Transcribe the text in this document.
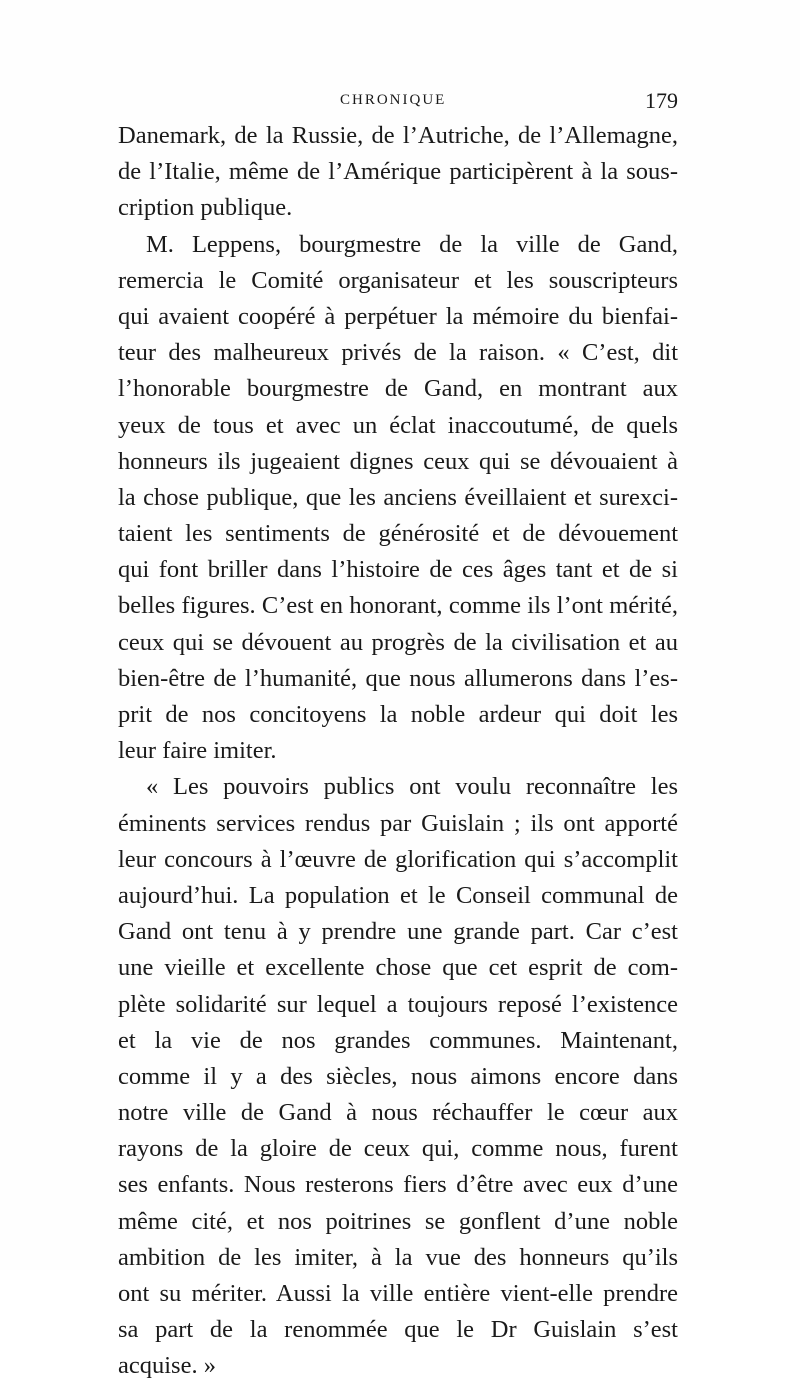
CHRONIQUE	179
Danemark, de la Russie, de l’Autriche, de l’Allemagne,
de l’Italie, même de l’Amérique participèrent à la sous-
cription publique.
M. Leppens, bourgmestre de la ville de Gand,
remercia le Comité organisateur et les souscripteurs
qui avaient coopéré à perpétuer la mémoire du bienfai-
teur des malheureux privés de la raison. « C’est, dit
l’honorable bourgmestre de Gand, en montrant aux
yeux de tous et avec un éclat inaccoutumé, de quels
honneurs ils jugeaient dignes ceux qui se dévouaient à
la chose publique, que les anciens éveillaient et surexci-
taient les sentiments de générosité et de dévouement
qui font briller dans l’histoire de ces âges tant et de si
belles figures. C’est en honorant, comme ils l’ont mérité,
ceux qui se dévouent au progrès de la civilisation et au
bien-être de l’humanité, que nous allumerons dans l’es-
prit de nos concitoyens la noble ardeur qui doit les
leur faire imiter.
« Les pouvoirs publics ont voulu reconnaître les
éminents services rendus par Guislain ; ils ont apporté
leur concours à l’œuvre de glorification qui s’accomplit
aujourd’hui. La population et le Conseil communal de
Gand ont tenu à y prendre une grande part. Car c’est
une vieille et excellente chose que cet esprit de com-
plète solidarité sur lequel a toujours reposé l’existence
et la vie de nos grandes communes. Maintenant,
comme il y a des siècles, nous aimons encore dans
notre ville de Gand à nous réchauffer le cœur aux
rayons de la gloire de ceux qui, comme nous, furent
ses enfants. Nous resterons fiers d’être avec eux d’une
même cité, et nos poitrines se gonflent d’une noble
ambition de les imiter, à la vue des honneurs qu’ils
ont su mériter. Aussi la ville entière vient-elle prendre
sa part de la renommée que le Dr Guislain s’est
acquise. »
